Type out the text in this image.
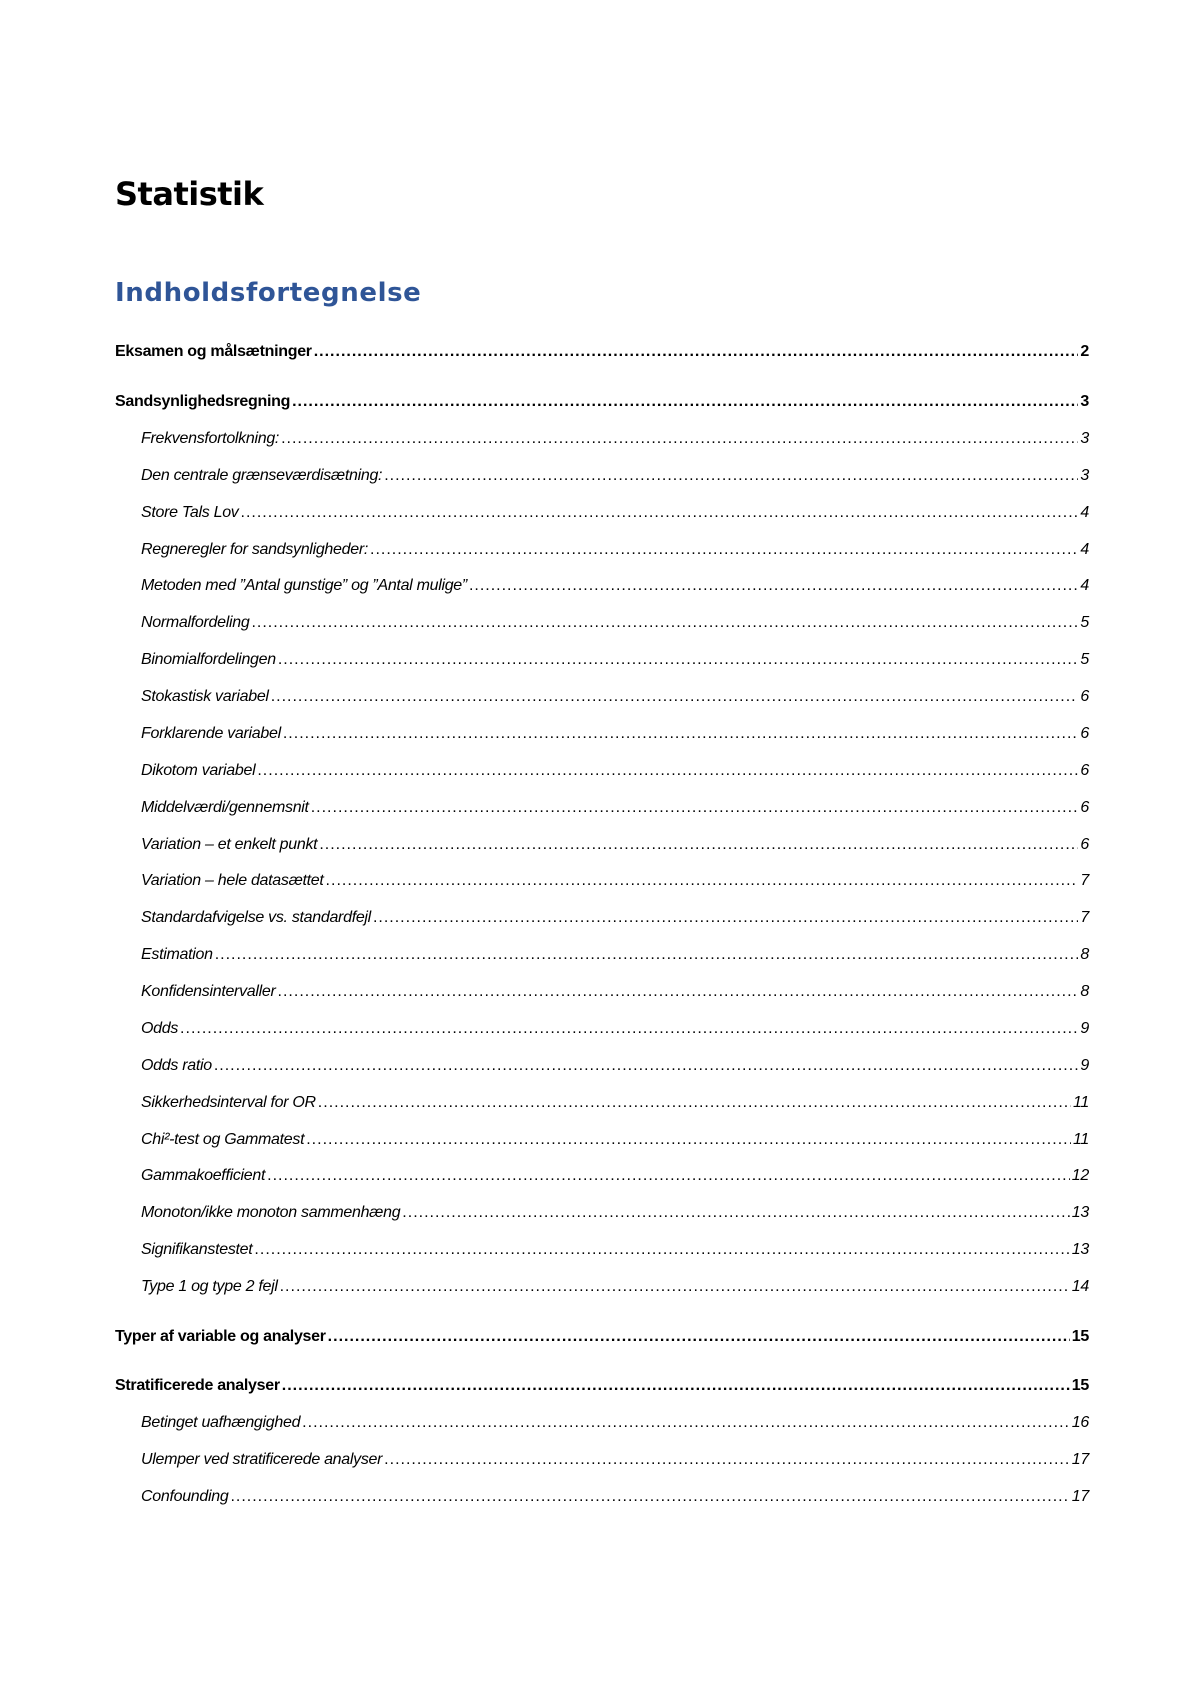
Statistik
Indholdsfortegnelse
Eksamen og målsætninger .....	2
Sandsynlighedsregning .....	3
Frekvensfortolkning: .....	3
Den centrale grænseværdisætning: .....	3
Store Tals Lov .....	4
Regneregler for sandsynligheder: .....	4
Metoden med ”Antal gunstige” og ”Antal mulige” .....	4
Normalfordeling .....	5
Binomialfordelingen .....	5
Stokastisk variabel .....	6
Forklarende variabel .....	6
Dikotom variabel .....	6
Middelværdi/gennemsnit .....	6
Variation – et enkelt punkt .....	6
Variation – hele datasættet .....	7
Standardafvigelse vs. standardfejl .....	7
Estimation .....	8
Konfidensintervaller .....	8
Odds .....	9
Odds ratio .....	9
Sikkerhedsinterval for OR .....	11
Chi²-test og Gammatest .....	11
Gammakoefficient .....	12
Monoton/ikke monoton sammenhæng .....	13
Signifikanstestet .....	13
Type 1 og type 2 fejl .....	14
Typer af variable og analyser .....	15
Stratificerede analyser .....	15
Betinget uafhængighed .....	16
Ulemper ved stratificerede analyser .....	17
Confounding .....	17
